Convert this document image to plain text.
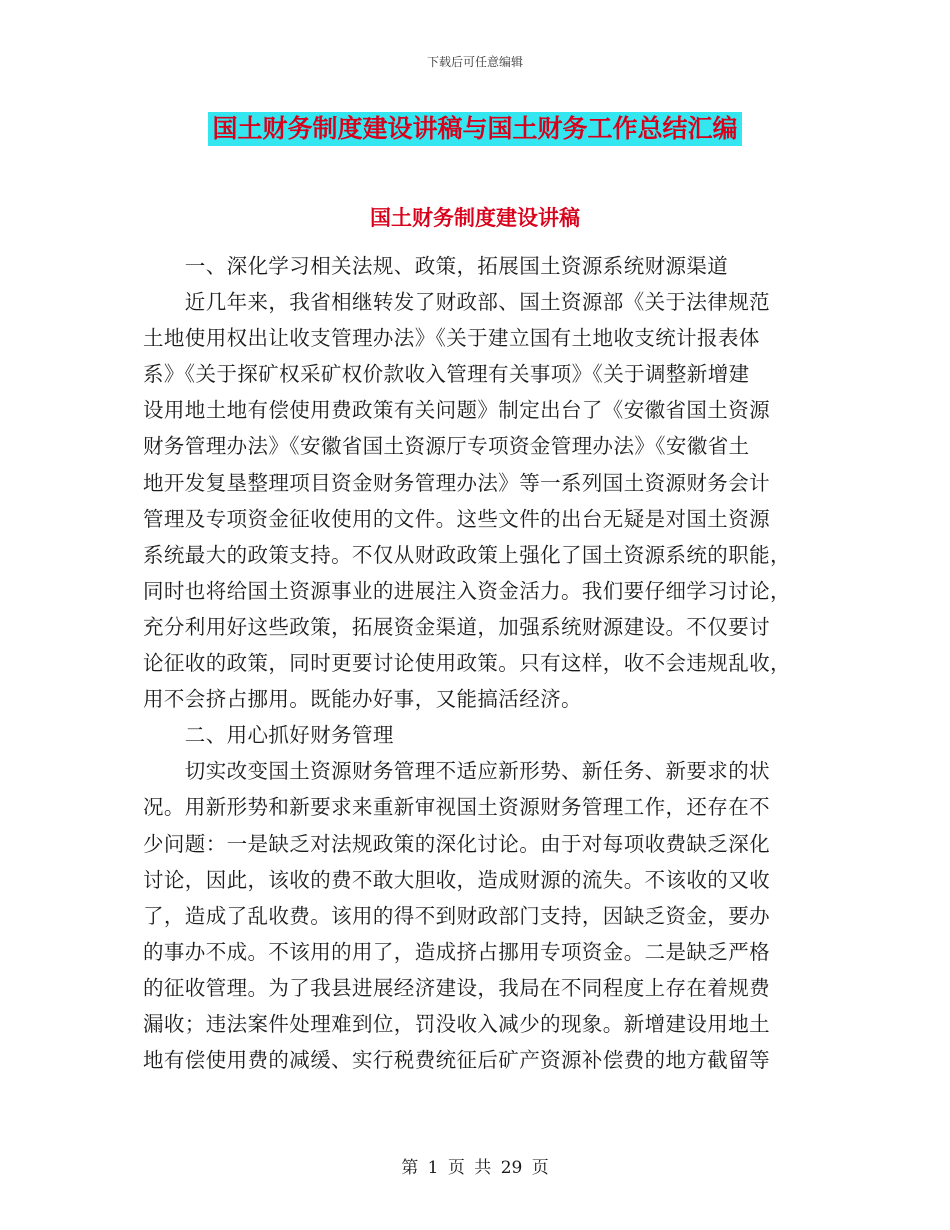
下载后可任意编辑
国土财务制度建设讲稿与国土财务工作总结汇编
国土财务制度建设讲稿
　　一、深化学习相关法规、政策，拓展国土资源系统财源渠道
　　近几年来，我省相继转发了财政部、国土资源部《关于法律规范
土地使用权出让收支管理办法》《关于建立国有土地收支统计报表体
系》《关于探矿权采矿权价款收入管理有关事项》《关于调整新增建
设用地土地有偿使用费政策有关问题》制定出台了《安徽省国土资源
财务管理办法》《安徽省国土资源厅专项资金管理办法》《安徽省土
地开发复垦整理项目资金财务管理办法》等一系列国土资源财务会计
管理及专项资金征收使用的文件。这些文件的出台无疑是对国土资源
系统最大的政策支持。不仅从财政政策上强化了国土资源系统的职能，
同时也将给国土资源事业的进展注入资金活力。我们要仔细学习讨论，
充分利用好这些政策，拓展资金渠道，加强系统财源建设。不仅要讨
论征收的政策，同时更要讨论使用政策。只有这样，收不会违规乱收，
用不会挤占挪用。既能办好事，又能搞活经济。
　　二、用心抓好财务管理
　　切实改变国土资源财务管理不适应新形势、新任务、新要求的状
况。用新形势和新要求来重新审视国土资源财务管理工作，还存在不
少问题：一是缺乏对法规政策的深化讨论。由于对每项收费缺乏深化
讨论，因此，该收的费不敢大胆收，造成财源的流失。不该收的又收
了，造成了乱收费。该用的得不到财政部门支持，因缺乏资金，要办
的事办不成。不该用的用了，造成挤占挪用专项资金。二是缺乏严格
的征收管理。为了我县进展经济建设，我局在不同程度上存在着规费
漏收；违法案件处理难到位，罚没收入减少的现象。新增建设用地土
地有偿使用费的减缓、实行税费统征后矿产资源补偿费的地方截留等
第 1 页 共 29 页
